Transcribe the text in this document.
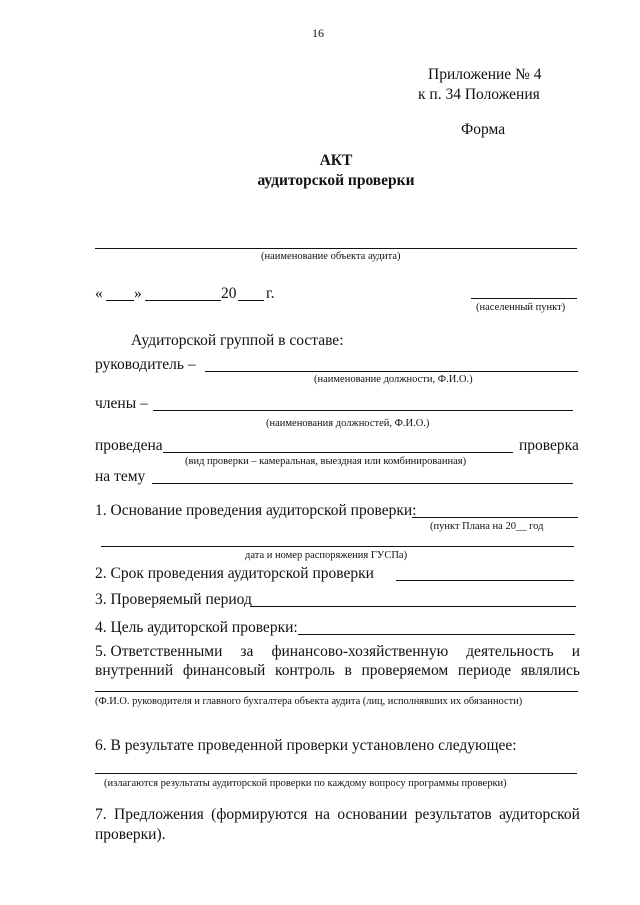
16
Приложение № 4
к п. 34 Положения
Форма
АКТ
аудиторской проверки
(наименование объекта аудита)
« »	20 г.
(населенный пункт)
Аудиторской группой в составе:
руководитель –
(наименование должности, Ф.И.О.)
члены –
(наименования должностей, Ф.И.О.)
проведена	проверка
(вид проверки – камеральная, выездная или комбинированная)
на тему
1. Основание проведения аудиторской проверки:
(пункт Плана на 20__ год
дата и номер распоряжения ГУСПа)
2. Срок проведения аудиторской проверки
3. Проверяемый период
4. Цель аудиторской проверки:
5. Ответственными за финансово-хозяйственную деятельность и
внутренний финансовый контроль в проверяемом периоде являлись
(Ф.И.О. руководителя и главного бухгалтера объекта аудита (лиц, исполнявших их обязанности)
6. В результате проведенной проверки установлено следующее:
(излагаются результаты аудиторской проверки по каждому вопросу программы проверки)
7. Предложения (формируются на основании результатов аудиторской
проверки).
